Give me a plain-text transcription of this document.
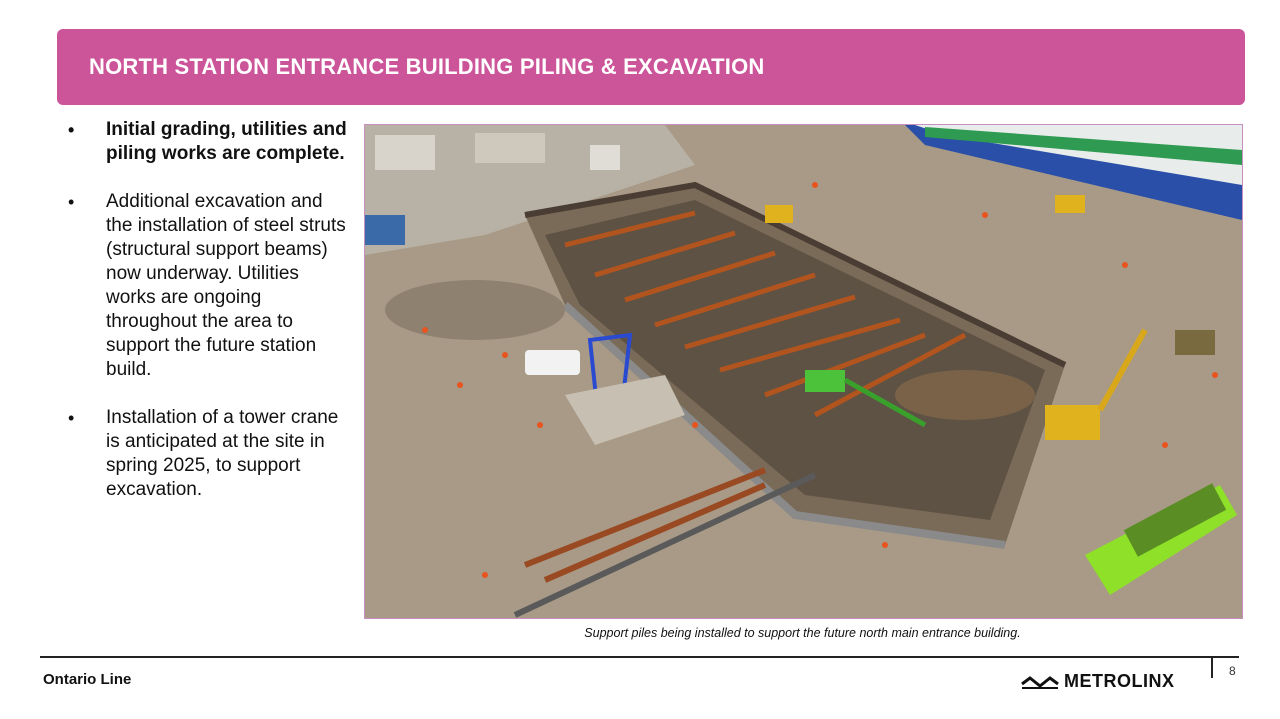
NORTH STATION ENTRANCE BUILDING PILING & EXCAVATION
• Initial grading, utilities and piling works are complete.
• Additional excavation and the installation of steel struts (structural support beams) now underway. Utilities works are ongoing throughout the area to support the future station build.
• Installation of a tower crane is anticipated at the site in spring 2025, to support excavation.
Support piles being installed to support the future north main entrance building.
Ontario Line	8
METROLINX
